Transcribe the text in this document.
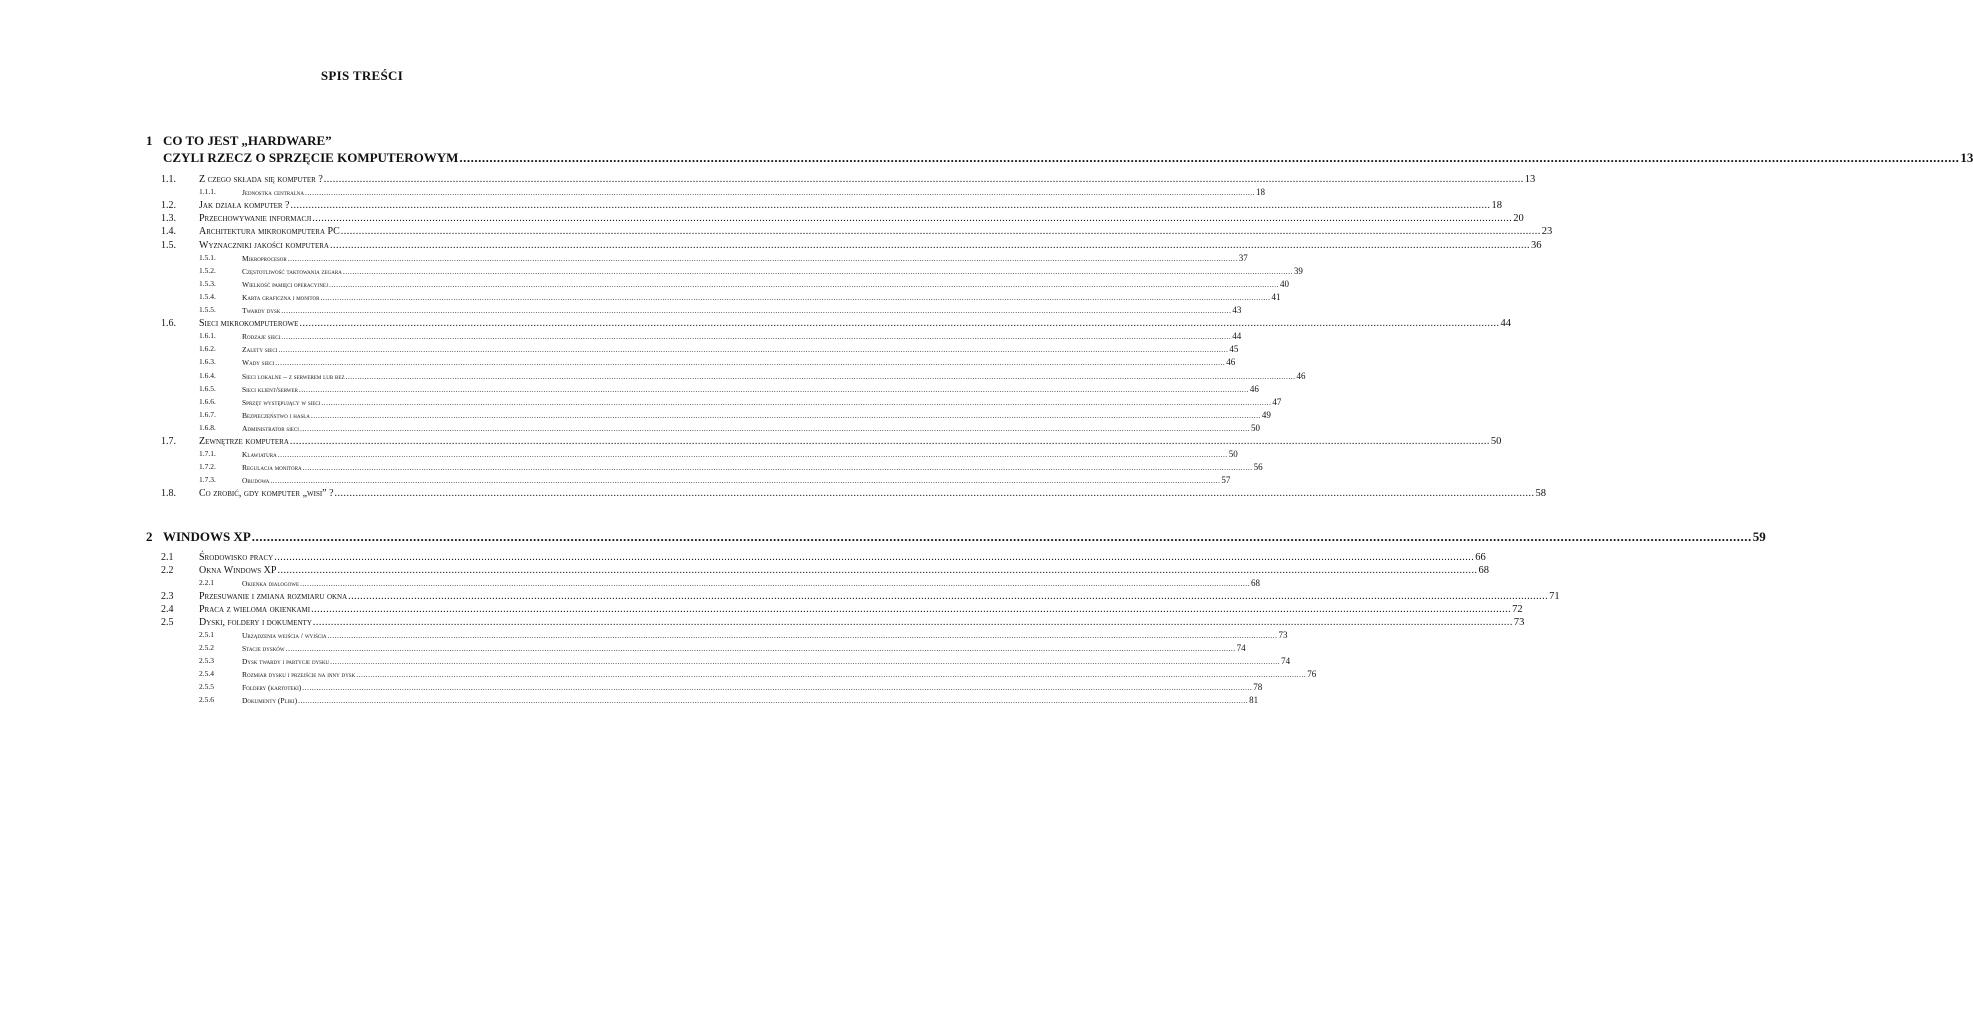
SPIS TREŚCI
1 CO TO JEST „HARDWARE”
CZYLI RZECZ O SPRZĘCIE KOMPUTEROWYM ................................................................................................................................................................................................................................................................................................................................................................................................................ 13
1.1. Z czego składa się komputer ? ................................................................................................................................................................................................................................................................................................................................................................................................................ 13
1.1.1.	Jednostka centralna ................................................................................................................................................................................................................................................................................................................................................................................................................ 18
1.2. Jak działa komputer ? ................................................................................................................................................................................................................................................................................................................................................................................................................ 18
1.3. Przechowywanie informacji ................................................................................................................................................................................................................................................................................................................................................................................................................ 20
1.4. Architektura mikrokomputera PC ................................................................................................................................................................................................................................................................................................................................................................................................................ 23
1.5. Wyznaczniki jakości komputera ................................................................................................................................................................................................................................................................................................................................................................................................................ 36
1.5.1.	Mikroprocesor ................................................................................................................................................................................................................................................................................................................................................................................................................ 37
1.5.2.	Częstotliwość taktowania zegara ................................................................................................................................................................................................................................................................................................................................................................................................................ 39
1.5.3.	Wielkość pamięci operacyjnej ................................................................................................................................................................................................................................................................................................................................................................................................................ 40
1.5.4.	Karta graficzna i monitor ................................................................................................................................................................................................................................................................................................................................................................................................................ 41
1.5.5.	Twardy dysk ................................................................................................................................................................................................................................................................................................................................................................................................................ 43
1.6. Sieci mikrokomputerowe ................................................................................................................................................................................................................................................................................................................................................................................................................ 44
1.6.1.	Rodzaje sieci ................................................................................................................................................................................................................................................................................................................................................................................................................ 44
1.6.2.	Zalety sieci ................................................................................................................................................................................................................................................................................................................................................................................................................ 45
1.6.3.	Wady sieci ................................................................................................................................................................................................................................................................................................................................................................................................................ 46
1.6.4.	Sieci lokalne – z serwerem lub bez ................................................................................................................................................................................................................................................................................................................................................................................................................ 46
1.6.5.	Sieci klient/serwer ................................................................................................................................................................................................................................................................................................................................................................................................................ 46
1.6.6.	Sprzęt występujący w sieci ................................................................................................................................................................................................................................................................................................................................................................................................................ 47
1.6.7.	Bezpieczeństwo i hasła ................................................................................................................................................................................................................................................................................................................................................................................................................ 49
1.6.8.	Administrator sieci ................................................................................................................................................................................................................................................................................................................................................................................................................ 50
1.7. Zewnętrze komputera ................................................................................................................................................................................................................................................................................................................................................................................................................ 50
1.7.1.	Klawiatura ................................................................................................................................................................................................................................................................................................................................................................................................................ 50
1.7.2.	Regulacja monitora ................................................................................................................................................................................................................................................................................................................................................................................................................ 56
1.7.3.	Obudowa ................................................................................................................................................................................................................................................................................................................................................................................................................ 57
1.8. Co zrobić, gdy komputer „wisi” ? ................................................................................................................................................................................................................................................................................................................................................................................................................ 58
2 WINDOWS XP ................................................................................................................................................................................................................................................................................................................................................................................................................ 59
2.1	Środowisko pracy ................................................................................................................................................................................................................................................................................................................................................................................................................ 66
2.2	Okna Windows XP ................................................................................................................................................................................................................................................................................................................................................................................................................ 68
2.2.1	Okienka dialogowe ................................................................................................................................................................................................................................................................................................................................................................................................................ 68
2.3	Przesuwanie i zmiana rozmiaru okna ................................................................................................................................................................................................................................................................................................................................................................................................................ 71
2.4	Praca z wieloma okienkami ................................................................................................................................................................................................................................................................................................................................................................................................................ 72
2.5	Dyski, foldery i dokumenty ................................................................................................................................................................................................................................................................................................................................................................................................................ 73
2.5.1	Urządzenia wejścia / wyjścia ................................................................................................................................................................................................................................................................................................................................................................................................................ 73
2.5.2	Stacje dysków ................................................................................................................................................................................................................................................................................................................................................................................................................ 74
2.5.3	Dysk twardy i partycje dysku ................................................................................................................................................................................................................................................................................................................................................................................................................ 74
2.5.4	Rozmiar dysku i przejście na inny dysk ................................................................................................................................................................................................................................................................................................................................................................................................................ 76
2.5.5	Foldery (kartoteki) ................................................................................................................................................................................................................................................................................................................................................................................................................ 78
2.5.6	Dokumenty (Pliki) ................................................................................................................................................................................................................................................................................................................................................................................................................ 81
